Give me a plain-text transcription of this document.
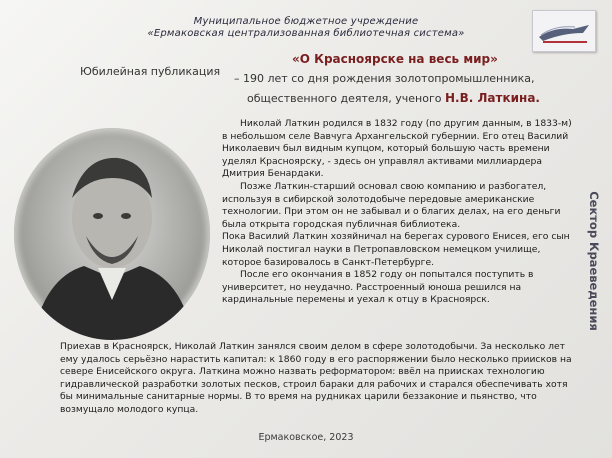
Муниципальное бюджетное учреждение
«Ермаковская централизованная библиотечная система»
Юбилейная публикация
«О Красноярске на весь мир»
– 190 лет со дня рождения золотопромышленника,
общественного деятеля, ученого Н.В. Латкина.

Николай Латкин родился в 1832 году (по другим данным, в 1833-м) в небольшом селе Вавчуга Архангельской губернии. Его отец Василий Николаевич был видным купцом, который большую часть времени уделял Красноярску, - здесь он управлял активами миллиардера Дмитрия Бенардаки.

Позже Латкин-старший основал свою компанию и разбогател, используя в сибирской золотодобыче передовые американские технологии. При этом он не забывал и о благих делах, на его деньги была открыта городская публичная библиотека.

Пока Василий Латкин хозяйничал на берегах сурового Енисея, его сын Николай постигал науки в Петропавловском немецком училище, которое базировалось в Санкт-Петербурге.

После его окончания в 1852 году он попытался поступить в университет, но неудачно. Расстроенный юноша решился на кардинальные перемены и уехал к отцу в Красноярск.

Приехав в Красноярск, Николай Латкин занялся своим делом в сфере золотодобычи. За несколько лет ему удалось серьёзно нарастить капитал: к 1860 году в его распоряжении было несколько приисков на севере Енисейского округа. Латкина можно назвать реформатором: ввёл на приисках технологию гидравлической разработки золотых песков, строил бараки для рабочих и старался обеспечивать хотя бы минимальные санитарные нормы. В то время на рудниках царили беззаконие и пьянство, что возмущало молодого купца.

Сектор Краеведения
Ермаковское, 2023
